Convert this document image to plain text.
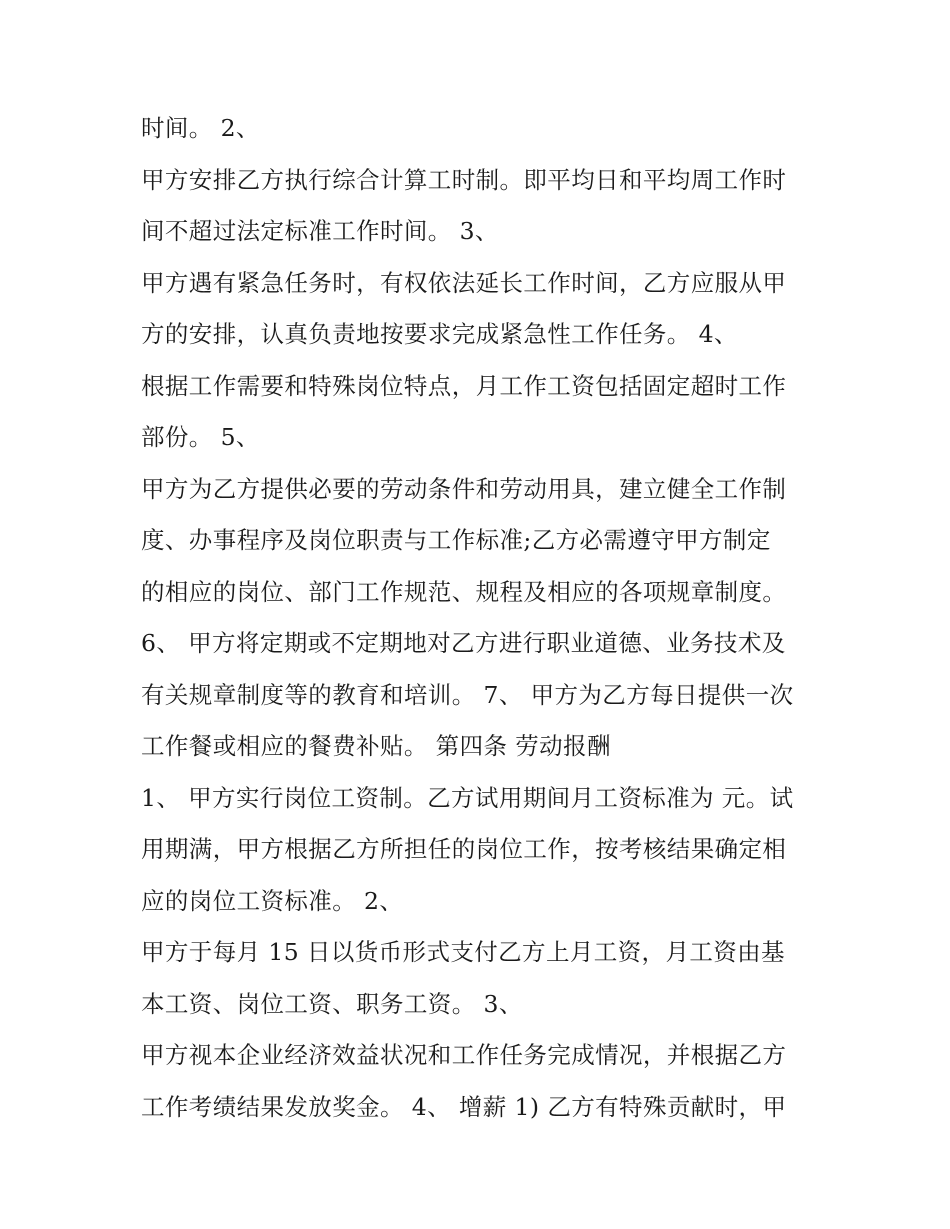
时间。 2、
甲方安排乙方执行综合计算工时制。即平均日和平均周工作时
间不超过法定标准工作时间。 3、
甲方遇有紧急任务时，有权依法延长工作时间，乙方应服从甲
方的安排，认真负责地按要求完成紧急性工作任务。 4、
根据工作需要和特殊岗位特点，月工作工资包括固定超时工作
部份。 5、
甲方为乙方提供必要的劳动条件和劳动用具，建立健全工作制
度、办事程序及岗位职责与工作标准;乙方必需遵守甲方制定
的相应的岗位、部门工作规范、规程及相应的各项规章制度。
6、 甲方将定期或不定期地对乙方进行职业道德、业务技术及
有关规章制度等的教育和培训。 7、 甲方为乙方每日提供一次
工作餐或相应的餐费补贴。 第四条 劳动报酬
1、 甲方实行岗位工资制。乙方试用期间月工资标准为 元。试
用期满，甲方根据乙方所担任的岗位工作，按考核结果确定相
应的岗位工资标准。 2、
甲方于每月 15 日以货币形式支付乙方上月工资，月工资由基
本工资、岗位工资、职务工资。 3、
甲方视本企业经济效益状况和工作任务完成情况，并根据乙方
工作考绩结果发放奖金。 4、 增薪 1) 乙方有特殊贡献时，甲
